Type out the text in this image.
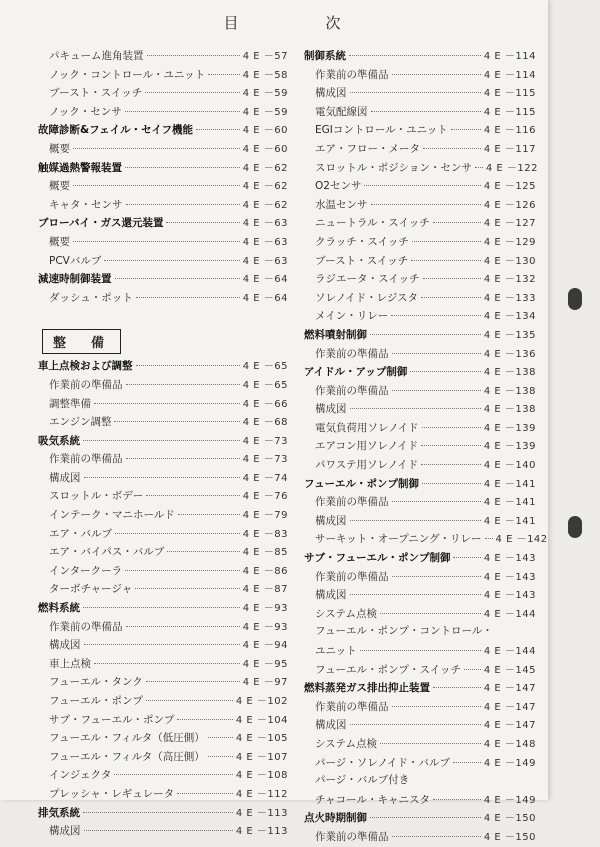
目　次
パキューム進角装置	4 E －57
ノック・コントロール・ユニット	4 E －58
ブースト・スイッチ	4 E －59
ノック・センサ	4 E －59
故障診断&フェイル・セイフ機能	4 E －60
概要	4 E －60
触媒過熱警報装置	4 E －62
概要	4 E －62
キャタ・センサ	4 E －62
ブローバイ・ガス還元装置	4 E －63
概要	4 E －63
PCVバルブ	4 E －63
減速時制御装置	4 E －64
ダッシュ・ポット	4 E －64
整　備
車上点検および調整	4 E －65
作業前の準備品	4 E －65
調整準備	4 E －66
エンジン調整	4 E －68
吸気系統	4 E －73
作業前の準備品	4 E －73
構成図	4 E －74
スロットル・ボデー	4 E －76
インテーク・マニホールド	4 E －79
エア・バルブ	4 E －83
エア・バイパス・バルブ	4 E －85
インタークーラ	4 E －86
ターボチャージャ	4 E －87
燃料系統	4 E －93
作業前の準備品	4 E －93
構成図	4 E －94
車上点検	4 E －95
フューエル・タンク	4 E －97
フューエル・ポンプ	4 E －102
サブ・フューエル・ポンプ	4 E －104
フューエル・フィルタ（低圧側）	4 E －105
フューエル・フィルタ（高圧側）	4 E －107
インジェクタ	4 E －108
プレッシャ・レギュレータ	4 E －112
排気系統	4 E －113
構成図	4 E －113
制御系統	4 E －114
作業前の準備品	4 E －114
構成図	4 E －115
電気配線図	4 E －115
EGIコントロール・ユニット	4 E －116
エア・フロー・メータ	4 E －117
スロットル・ポジション・センサ 4 E －122
O2センサ	4 E －125
水温センサ	4 E －126
ニュートラル・スイッチ	4 E －127
クラッチ・スイッチ	4 E －129
ブースト・スイッチ	4 E －130
ラジエータ・スイッチ	4 E －132
ソレノイド・レジスタ	4 E －133
メイン・リレー	4 E －134
燃料噴射制御	4 E －135
作業前の準備品	4 E －136
アイドル・アップ制御	4 E －138
作業前の準備品	4 E －138
構成図	4 E －138
電気負荷用ソレノイド	4 E －139
エアコン用ソレノイド	4 E －139
パワステ用ソレノイド	4 E －140
フューエル・ポンプ制御	4 E －141
作業前の準備品	4 E －141
構成図	4 E －141
サーキット・オープニング・リレー 4 E －142
サブ・フューエル・ポンプ制御	4 E －143
作業前の準備品	4 E －143
構成図	4 E －143
システム点検	4 E －144
フューエル・ポンプ・コントロール・
ユニット	4 E －144
フューエル・ポンプ・スイッチ 4 E －145
燃料蒸発ガス排出抑止装置	4 E －147
作業前の準備品	4 E －147
構成図	4 E －147
システム点検	4 E －148
パージ・ソレノイド・バルブ	4 E －149
パージ・バルブ付き
チャコール・キャニスタ	4 E －149
点火時期制御	4 E －150
作業前の準備品	4 E －150
